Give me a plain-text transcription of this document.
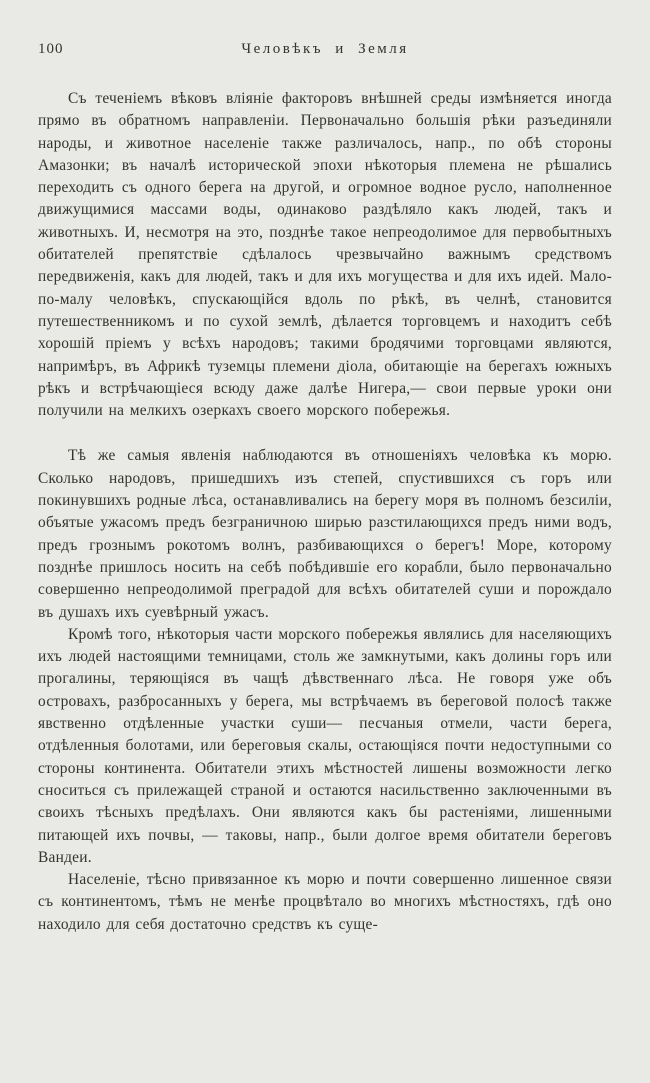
100	Человѣкъ и Земля

Съ теченіемъ вѣковъ вліяніе факторовъ внѣшней среды измѣняется иногда прямо въ обратномъ направленіи. Первоначально большія рѣки разъединяли народы, и животное населеніе также различалось, напр., по обѣ стороны Амазонки; въ началѣ исторической эпохи нѣкоторыя племена не рѣшались переходить съ одного берега на другой, и огромное водное русло, наполненное движущимися массами воды, одинаково раздѣляло какъ людей, такъ и животныхъ. И, несмотря на это, позднѣе такое непреодолимое для первобытныхъ обитателей препятствіе сдѣлалось чрезвычайно важнымъ средствомъ передвиженія, какъ для людей, такъ и для ихъ могущества и для ихъ идей. Мало-по-малу человѣкъ, спускающійся вдоль по рѣкѣ, въ челнѣ, становится путешественникомъ и по сухой землѣ, дѣлается торговцемъ и находитъ себѣ хорошій пріемъ у всѣхъ народовъ; такими бродячими торговцами являются, напримѣръ, въ Африкѣ туземцы племени діола, обитающіе на берегахъ южныхъ рѣкъ и встрѣчающіеся всюду даже далѣе Нигера,— свои первые уроки они получили на мелкихъ озеркахъ своего морского побережья.

Тѣ же самыя явленія наблюдаются въ отношеніяхъ человѣка къ морю. Сколько народовъ, пришедшихъ изъ степей, спустившихся съ горъ или покинувшихъ родные лѣса, останавливались на берегу моря въ полномъ безсиліи, объятые ужасомъ предъ безграничною ширью разстилающихся предъ ними водъ, предъ грознымъ рокотомъ волнъ, разбивающихся о берегъ! Море, которому позднѣе пришлось носить на себѣ побѣдившіе его корабли, было первоначально совершенно непреодолимой преградой для всѣхъ обитателей суши и порождало въ душахъ ихъ суевѣрный ужасъ.

Кромѣ того, нѣкоторыя части морского побережья являлись для населяющихъ ихъ людей настоящими темницами, столь же замкнутыми, какъ долины горъ или прогалины, теряющіяся въ чащѣ дѣвственнаго лѣса. Не говоря уже объ островахъ, разбросанныхъ у берега, мы встрѣчаемъ въ береговой полосѣ также явственно отдѣленные участки суши— песчаныя отмели, части берега, отдѣленныя болотами, или береговыя скалы, остающіяся почти недоступными со стороны континента. Обитатели этихъ мѣстностей лишены возможности легко сноситься съ прилежащей страной и остаются насильственно заключенными въ своихъ тѣсныхъ предѣлахъ. Они являются какъ бы растеніями, лишенными питающей ихъ почвы, — таковы, напр., были долгое время обитатели береговъ Вандеи.

Населеніе, тѣсно привязанное къ морю и почти совершенно лишенное связи съ континентомъ, тѣмъ не менѣе процвѣтало во многихъ мѣстностяхъ, гдѣ оно находило для себя достаточно средствъ къ суще-
